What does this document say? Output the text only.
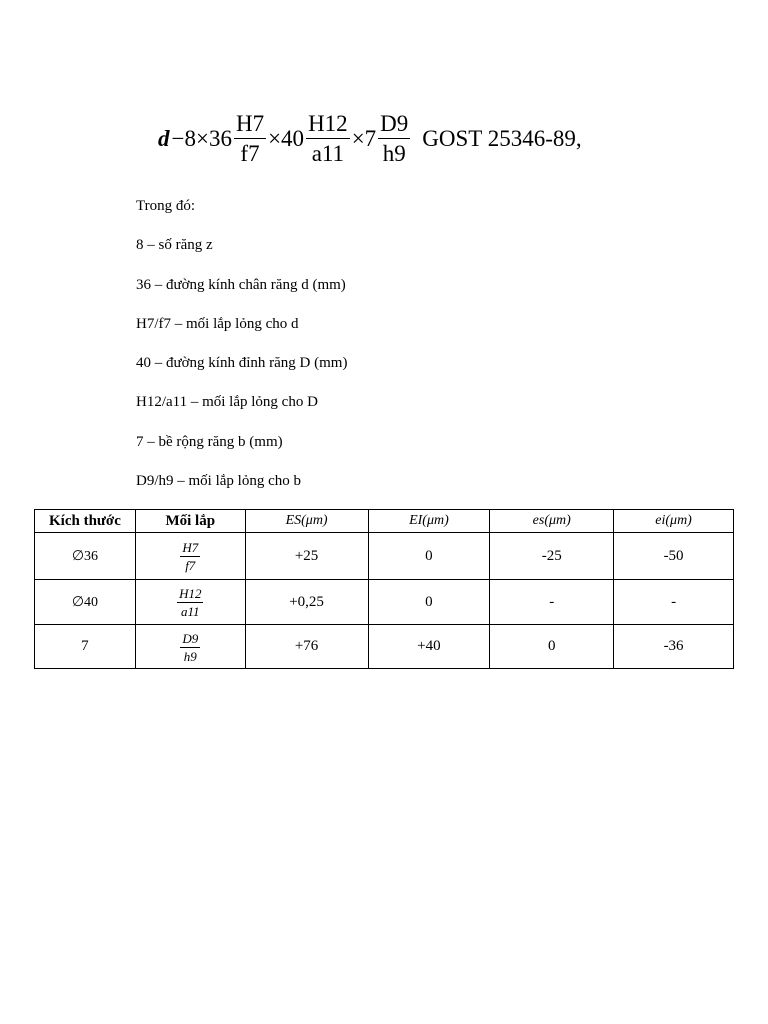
$d -8\times 36 \frac{H7}{f7} \times 40 \frac{H12}{a11} \times 7 \frac{D9}{h9}$ GOST 25346-89,

Trong đó:

8 – số răng z

36 – đường kính chân răng d (mm)

H7/f7 – mối lắp lỏng cho d

40 – đường kính đỉnh răng D (mm)

H12/a11 – mối lắp lỏng cho D

7 – bề rộng răng b (mm)

D9/h9 – mối lắp lỏng cho b

Kích thước	Mối lắp	ES(μm)	EI(μm)	es(μm)	ei(μm)
∅36	$\frac{H7}{f7}$	+25	0	-25	-50
∅40	$\frac{H12}{a11}$	+0,25	0	-	-
7	$\frac{D9}{h9}$	+76	+40	0	-36
